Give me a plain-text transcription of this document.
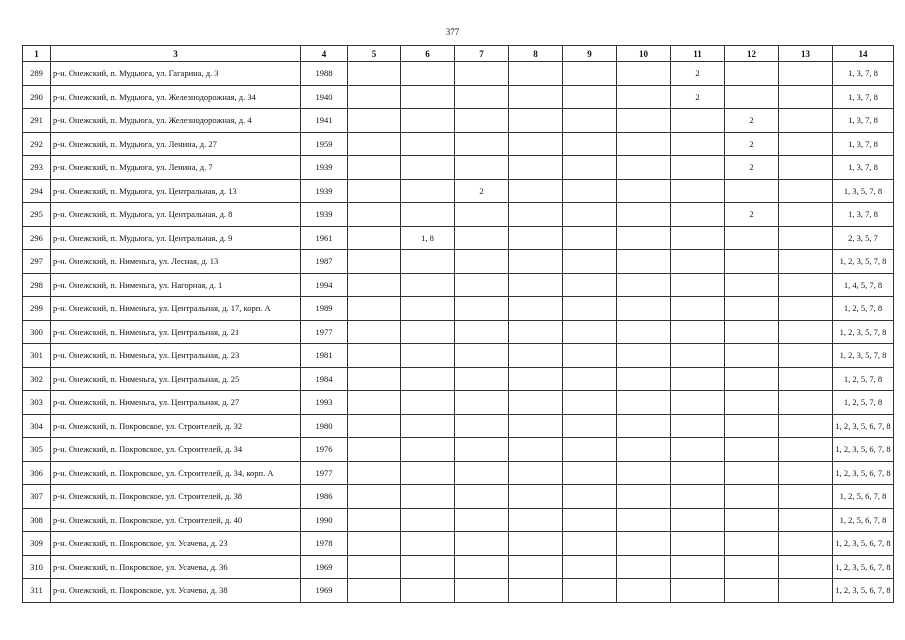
377
1	3	4	5	6	7	8	9	10	11	12	13	14
289	р-н. Онежский, п. Мудьюга, ул. Гагарина, д. 3	1988							2			1, 3, 7, 8
290	р-н. Онежский, п. Мудьюга, ул. Железнодорожная, д. 34	1940							2			1, 3, 7, 8
291	р-н. Онежский, п. Мудьюга, ул. Железнодорожная, д. 4	1941								2		1, 3, 7, 8
292	р-н. Онежский, п. Мудьюга, ул. Ленина, д. 27	1959								2		1, 3, 7, 8
293	р-н. Онежский, п. Мудьюга, ул. Ленина, д. 7	1939								2		1, 3, 7, 8
294	р-н. Онежский, п. Мудьюга, ул. Центральная, д. 13	1939			2							1, 3, 5, 7, 8
295	р-н. Онежский, п. Мудьюга, ул. Центральная, д. 8	1939								2		1, 3, 7, 8
296	р-н. Онежский, п. Мудьюга, ул. Центральная, д. 9	1961		1, 8								2, 3, 5, 7
297	р-н. Онежский, п. Нименьга, ул. Лесная, д. 13	1987										1, 2, 3, 5, 7, 8
298	р-н. Онежский, п. Нименьга, ул. Нагорная, д. 1	1994										1, 4, 5, 7, 8
299	р-н. Онежский, п. Нименьга, ул. Центральная, д. 17, корп. А	1989										1, 2, 5, 7, 8
300	р-н. Онежский, п. Нименьга, ул. Центральная, д. 21	1977										1, 2, 3, 5, 7, 8
301	р-н. Онежский, п. Нименьга, ул. Центральная, д. 23	1981										1, 2, 3, 5, 7, 8
302	р-н. Онежский, п. Нименьга, ул. Центральная, д. 25	1984										1, 2, 5, 7, 8
303	р-н. Онежский, п. Нименьга, ул. Центральная, д. 27	1993										1, 2, 5, 7, 8
304	р-н. Онежский, п. Покровское, ул. Строителей, д. 32	1980										1, 2, 3, 5, 6, 7, 8
305	р-н. Онежский, п. Покровское, ул. Строителей, д. 34	1976										1, 2, 3, 5, 6, 7, 8
306	р-н. Онежский, п. Покровское, ул. Строителей, д. 34, корп. А	1977										1, 2, 3, 5, 6, 7, 8
307	р-н. Онежский, п. Покровское, ул. Строителей, д. 38	1986										1, 2, 5, 6, 7, 8
308	р-н. Онежский, п. Покровское, ул. Строителей, д. 40	1990										1, 2, 5, 6, 7, 8
309	р-н. Онежский, п. Покровское, ул. Усачева, д. 23	1978										1, 2, 3, 5, 6, 7, 8
310	р-н. Онежский, п. Покровское, ул. Усачева, д. 36	1969										1, 2, 3, 5, 6, 7, 8
311	р-н. Онежский, п. Покровское, ул. Усачева, д. 38	1969										1, 2, 3, 5, 6, 7, 8
